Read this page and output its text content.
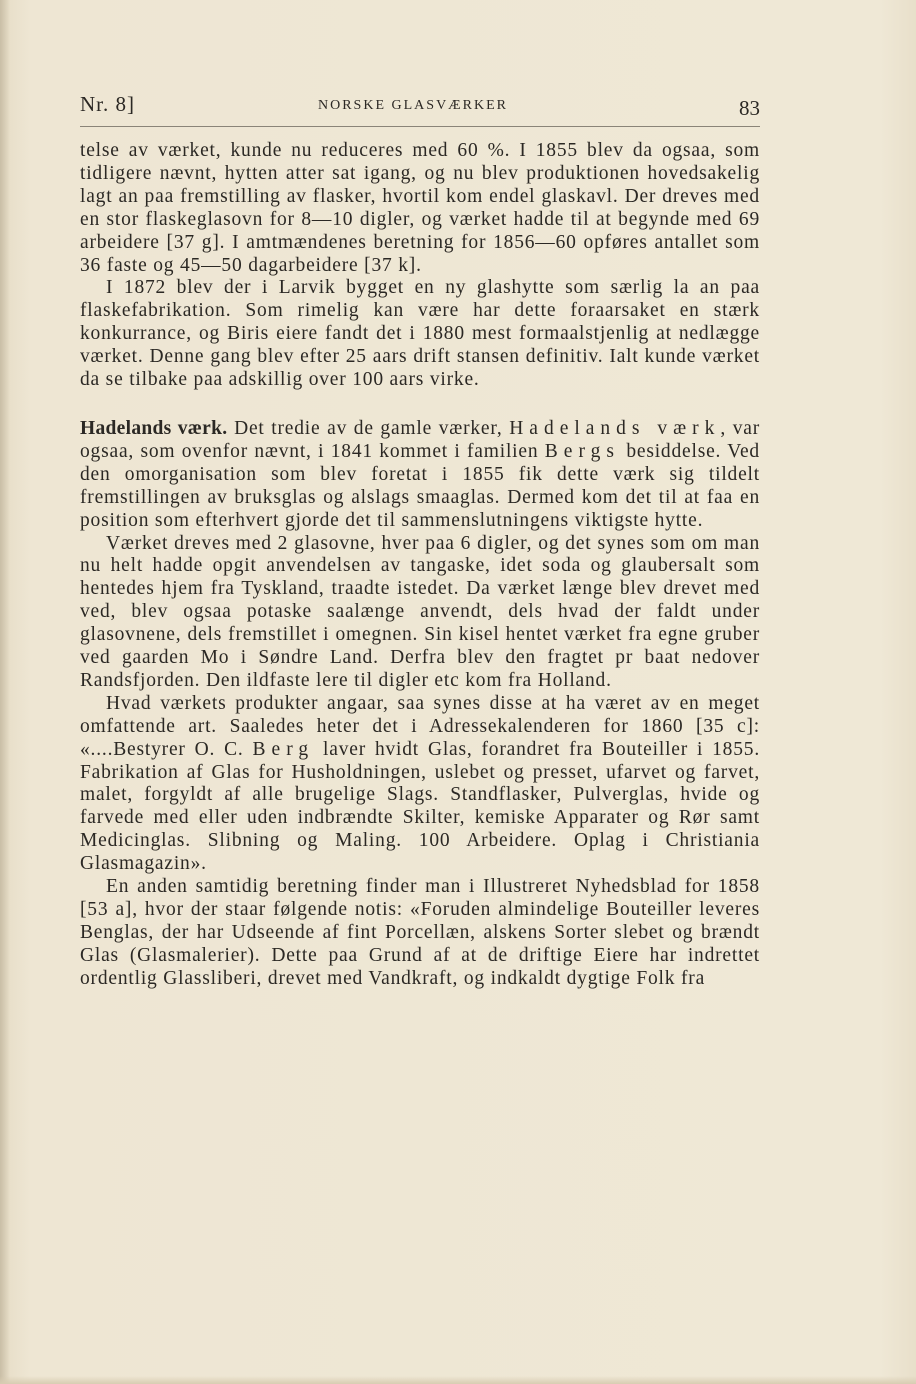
Nr. 8]	NORSKE GLASVÆRKER	83

telse av værket, kunde nu reduceres med 60 %. I 1855 blev da ogsaa, som tidligere nævnt, hytten atter sat igang, og nu blev produktionen hovedsakelig lagt an paa fremstilling av flasker, hvortil kom endel glaskavl. Der dreves med en stor flaskeglasovn for 8—10 digler, og værket hadde til at begynde med 69 arbeidere [37 g]. I amtmændenes beretning for 1856—60 opføres antallet som 36 faste og 45—50 dagarbeidere [37 k].

I 1872 blev der i Larvik bygget en ny glashytte som særlig la an paa flaskefabrikation. Som rimelig kan være har dette foraarsaket en stærk konkurrance, og Biris eiere fandt det i 1880 mest formaalstjenlig at nedlægge værket. Denne gang blev efter 25 aars drift stansen definitiv. Ialt kunde værket da se tilbake paa adskillig over 100 aars virke.

Hadelands værk. Det tredie av de gamle værker, Hadelands værk, var ogsaa, som ovenfor nævnt, i 1841 kommet i familien Bergs besiddelse. Ved den omorganisation som blev foretat i 1855 fik dette værk sig tildelt fremstillingen av bruksglas og alslags smaaglas. Dermed kom det til at faa en position som efterhvert gjorde det til sammenslutningens viktigste hytte.

Værket dreves med 2 glasovne, hver paa 6 digler, og det synes som om man nu helt hadde opgit anvendelsen av tangaske, idet soda og glaubersalt som hentedes hjem fra Tyskland, traadte istedet. Da værket længe blev drevet med ved, blev ogsaa potaske saalænge anvendt, dels hvad der faldt under glasovnene, dels fremstillet i omegnen. Sin kisel hentet værket fra egne gruber ved gaarden Mo i Søndre Land. Derfra blev den fragtet pr baat nedover Randsfjorden. Den ildfaste lere til digler etc kom fra Holland.

Hvad værkets produkter angaar, saa synes disse at ha været av en meget omfattende art. Saaledes heter det i Adressekalenderen for 1860 [35 c]: «....Bestyrer O. C. Berg laver hvidt Glas, forandret fra Bouteiller i 1855. Fabrikation af Glas for Husholdningen, uslebet og presset, ufarvet og farvet, malet, forgyldt af alle brugelige Slags. Standflasker, Pulverglas, hvide og farvede med eller uden indbrændte Skilter, kemiske Apparater og Rør samt Medicinglas. Slibning og Maling. 100 Arbeidere. Oplag i Christiania Glasmagazin».

En anden samtidig beretning finder man i Illustreret Nyhedsblad for 1858 [53 a], hvor der staar følgende notis: «Foruden almindelige Bouteiller leveres Benglas, der har Udseende af fint Porcellæn, alskens Sorter slebet og brændt Glas (Glasmalerier). Dette paa Grund af at de driftige Eiere har indrettet ordentlig Glassliberi, drevet med Vandkraft, og indkaldt dygtige Folk fra
